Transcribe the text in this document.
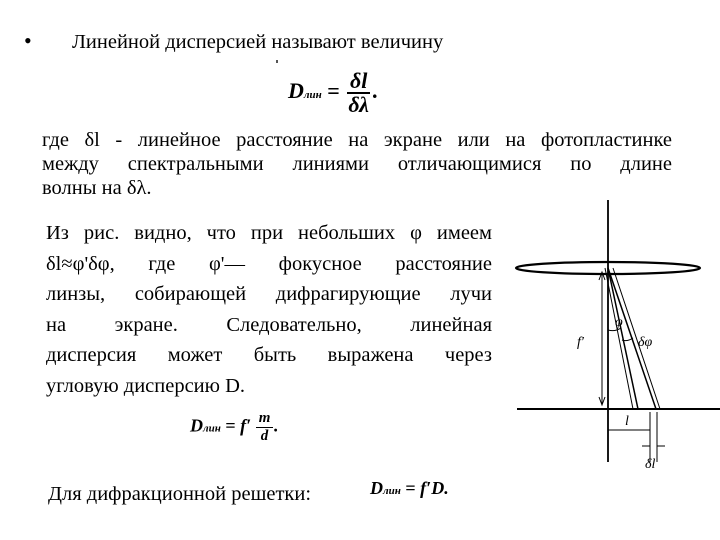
• Линейной дисперсией называют величину
Dлин = $\frac{\delta l}{\delta\lambda}$ .
где δl - линейное расстояние на экране или на фотопластинке
между спектральными линиями отличающимися по длине
волны на δλ.
Из рис. видно, что при небольших φ имеем
δl≈φ'δφ, где φ'— фокусное расстояние
линзы, собирающей дифрагирующие лучи
на экране. Следовательно, линейная
дисперсия может быть выражена через
угловую дисперсию D.
Dлин = $f' \frac{m}{d}$ .
Для дифракционной решетки:	Dлин = f′D.
f′
φ
δφ
l
δl
